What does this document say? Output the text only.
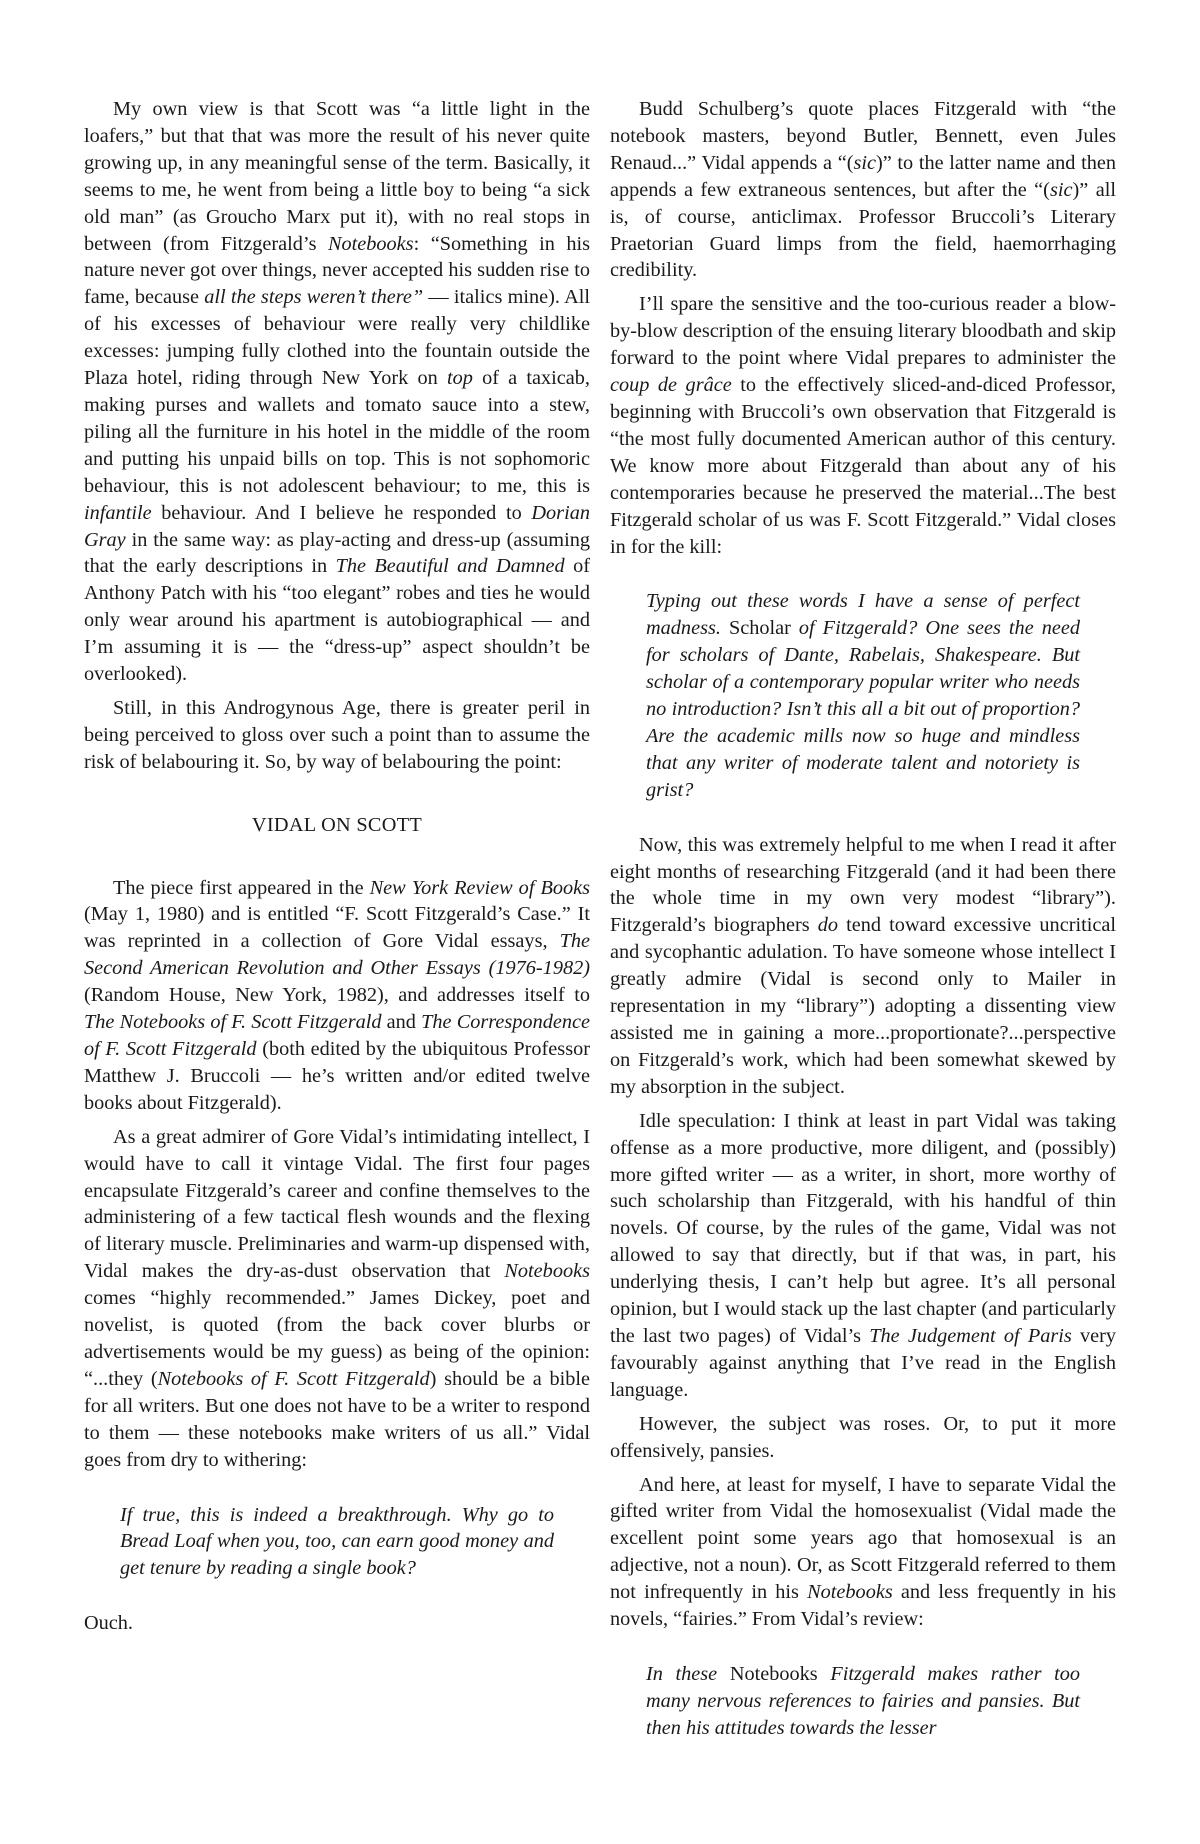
My own view is that Scott was “a little light in the loafers,” but that that was more the result of his never quite growing up, in any meaningful sense of the term. Basically, it seems to me, he went from being a little boy to being “a sick old man” (as Groucho Marx put it), with no real stops in between (from Fitzgerald’s Notebooks: “Something in his nature never got over things, never accepted his sudden rise to fame, because all the steps weren’t there” — italics mine). All of his excesses of behaviour were really very childlike excesses: jumping fully clothed into the fountain outside the Plaza hotel, riding through New York on top of a taxicab, making purses and wallets and tomato sauce into a stew, piling all the furniture in his hotel in the middle of the room and putting his unpaid bills on top. This is not sophomoric behaviour, this is not adolescent behaviour; to me, this is infantile behaviour. And I believe he responded to Dorian Gray in the same way: as play-acting and dress-up (assuming that the early descriptions in The Beautiful and Damned of Anthony Patch with his “too elegant” robes and ties he would only wear around his apartment is autobiographical — and I’m assuming it is — the “dress-up” aspect shouldn’t be overlooked).

Still, in this Androgynous Age, there is greater peril in being perceived to gloss over such a point than to assume the risk of belabouring it. So, by way of belabouring the point:

VIDAL ON SCOTT

The piece first appeared in the New York Review of Books (May 1, 1980) and is entitled “F. Scott Fitzgerald’s Case.” It was reprinted in a collection of Gore Vidal essays, The Second American Revolution and Other Essays (1976-1982) (Random House, New York, 1982), and addresses itself to The Notebooks of F. Scott Fitzgerald and The Correspondence of F. Scott Fitzgerald (both edited by the ubiquitous Professor Matthew J. Bruccoli — he’s written and/or edited twelve books about Fitzgerald).

As a great admirer of Gore Vidal’s intimidating intellect, I would have to call it vintage Vidal. The first four pages encapsulate Fitzgerald’s career and confine themselves to the administering of a few tactical flesh wounds and the flexing of literary muscle. Preliminaries and warm-up dispensed with, Vidal makes the dry-as-dust observation that Notebooks comes “highly recommended.” James Dickey, poet and novelist, is quoted (from the back cover blurbs or advertisements would be my guess) as being of the opinion: “...they (Notebooks of F. Scott Fitzgerald) should be a bible for all writers. But one does not have to be a writer to respond to them — these notebooks make writers of us all.” Vidal goes from dry to withering:

If true, this is indeed a breakthrough. Why go to Bread Loaf when you, too, can earn good money and get tenure by reading a single book?

Ouch.

Budd Schulberg’s quote places Fitzgerald with “the notebook masters, beyond Butler, Bennett, even Jules Renaud...” Vidal appends a “(sic)” to the latter name and then appends a few extraneous sentences, but after the “(sic)” all is, of course, anticlimax. Professor Bruccoli’s Literary Praetorian Guard limps from the field, haemorrhaging credibility.

I’ll spare the sensitive and the too-curious reader a blow-by-blow description of the ensuing literary bloodbath and skip forward to the point where Vidal prepares to administer the coup de grâce to the effectively sliced-and-diced Professor, beginning with Bruccoli’s own observation that Fitzgerald is “the most fully documented American author of this century. We know more about Fitzgerald than about any of his contemporaries because he preserved the material...The best Fitzgerald scholar of us was F. Scott Fitzgerald.” Vidal closes in for the kill:

Typing out these words I have a sense of perfect madness. Scholar of Fitzgerald? One sees the need for scholars of Dante, Rabelais, Shakespeare. But scholar of a contemporary popular writer who needs no introduction? Isn’t this all a bit out of proportion? Are the academic mills now so huge and mindless that any writer of moderate talent and notoriety is grist?

Now, this was extremely helpful to me when I read it after eight months of researching Fitzgerald (and it had been there the whole time in my own very modest “library”). Fitzgerald’s biographers do tend toward excessive uncritical and sycophantic adulation. To have someone whose intellect I greatly admire (Vidal is second only to Mailer in representation in my “library”) adopting a dissenting view assisted me in gaining a more...proportionate?...perspective on Fitzgerald’s work, which had been somewhat skewed by my absorption in the subject.

Idle speculation: I think at least in part Vidal was taking offense as a more productive, more diligent, and (possibly) more gifted writer — as a writer, in short, more worthy of such scholarship than Fitzgerald, with his handful of thin novels. Of course, by the rules of the game, Vidal was not allowed to say that directly, but if that was, in part, his underlying thesis, I can’t help but agree. It’s all personal opinion, but I would stack up the last chapter (and particularly the last two pages) of Vidal’s The Judgement of Paris very favourably against anything that I’ve read in the English language.

However, the subject was roses. Or, to put it more offensively, pansies.

And here, at least for myself, I have to separate Vidal the gifted writer from Vidal the homosexualist (Vidal made the excellent point some years ago that homosexual is an adjective, not a noun). Or, as Scott Fitzgerald referred to them not infrequently in his Notebooks and less frequently in his novels, “fairies.” From Vidal’s review:

In these Notebooks Fitzgerald makes rather too many nervous references to fairies and pansies. But then his attitudes towards the lesser
